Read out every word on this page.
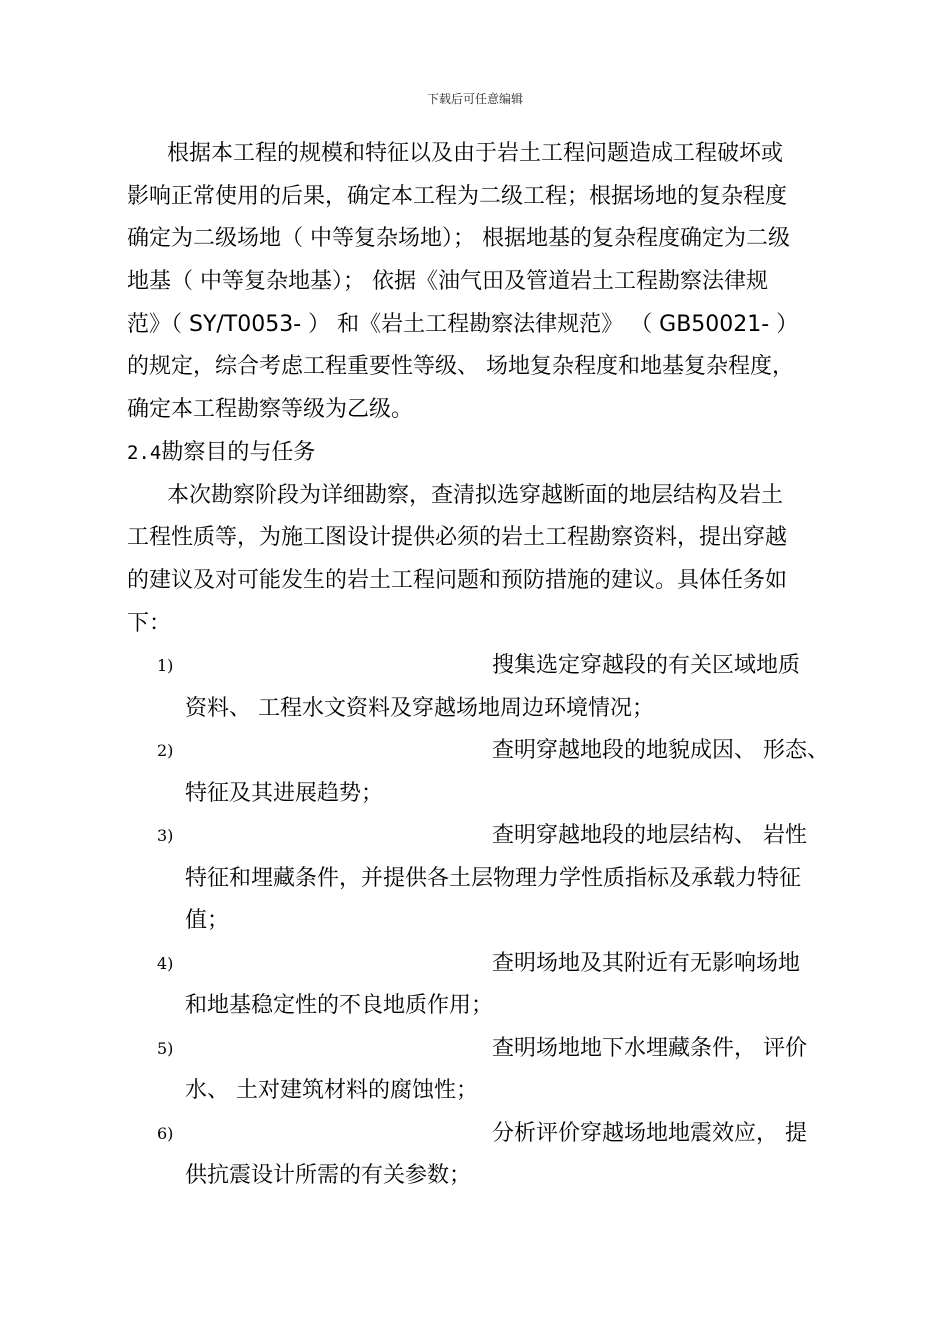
下载后可任意编辑
根据本工程的规模和特征以及由于岩土工程问题造成工程破坏或
影响正常使用的后果，确定本工程为二级工程；根据场地的复杂程度
确定为二级场地（ 中等复杂场地）； 根据地基的复杂程度确定为二级
地基（ 中等复杂地基）； 依据《油气田及管道岩土工程勘察法律规
范》（ SY/T0053- ） 和《岩土工程勘察法律规范》 （ GB50021- ）
的规定，综合考虑工程重要性等级、 场地复杂程度和地基复杂程度，
确定本工程勘察等级为乙级。
2.4勘察目的与任务
本次勘察阶段为详细勘察，查清拟选穿越断面的地层结构及岩土
工程性质等，为施工图设计提供必须的岩土工程勘察资料，提出穿越
的建议及对可能发生的岩土工程问题和预防措施的建议。具体任务如
下：
1)	搜集选定穿越段的有关区域地质
资料、 工程水文资料及穿越场地周边环境情况；
2)	查明穿越地段的地貌成因、 形态、
特征及其进展趋势；
3)	查明穿越地段的地层结构、 岩性
特征和埋藏条件，并提供各土层物理力学性质指标及承载力特征
值；
4)	查明场地及其附近有无影响场地
和地基稳定性的不良地质作用；
5)	查明场地地下水埋藏条件， 评价
水、 土对建筑材料的腐蚀性；
6)	分析评价穿越场地地震效应， 提
供抗震设计所需的有关参数；
